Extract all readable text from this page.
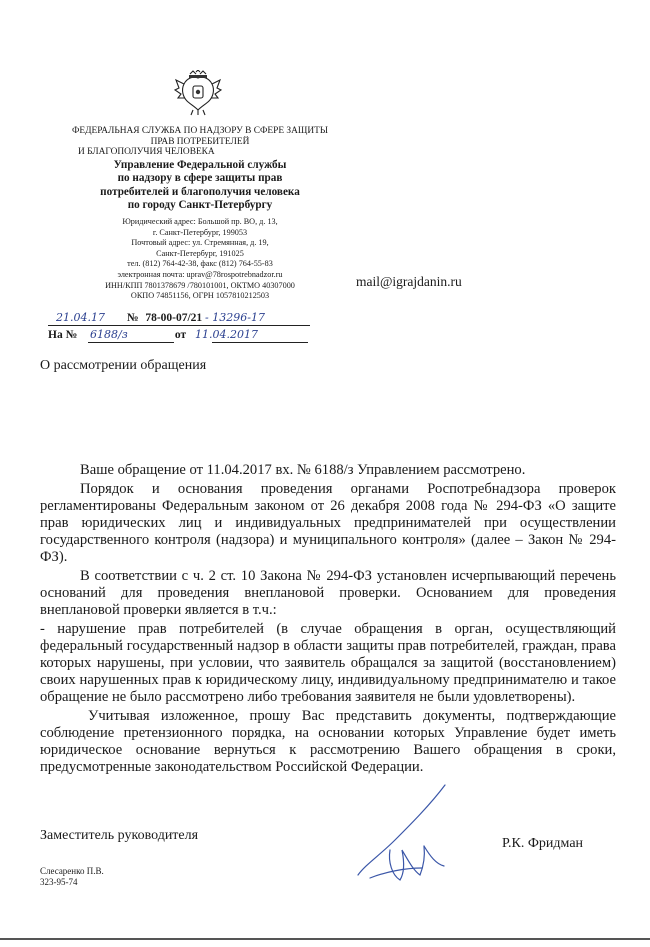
ФЕДЕРАЛЬНАЯ СЛУЖБА ПО НАДЗОРУ В СФЕРЕ ЗАЩИТЫ
ПРАВ ПОТРЕБИТЕЛЕЙ
И БЛАГОПОЛУЧИЯ ЧЕЛОВЕКА
Управление Федеральной службы
по надзору в сфере защиты прав
потребителей и благополучия человека
по городу Санкт-Петербургу
Юридический адрес: Большой пр. ВО, д. 13,
г. Санкт-Петербург, 199053
Почтовый адрес: ул. Стремянная, д. 19,
Санкт-Петербург, 191025
тел. (812) 764-42-38, факс (812) 764-55-83
электронная почта: uprav@78rospotrebnadzor.ru
ИНН/КПП 7801378679 /780101001, ОКТМО 40307000
ОКПО 74851156, ОГРН 1057810212503
mail@igrajdanin.ru
21.04.17 № 78-00-07/21 - 13296-17
На № 6188/з	от 11.04.2017
О рассмотрении обращения

Ваше обращение от 11.04.2017 вх. № 6188/з Управлением рассмотрено.

Порядок и основания проведения органами Роспотребнадзора проверок регламентированы Федеральным законом от 26 декабря 2008 года № 294-ФЗ «О защите прав юридических лиц и индивидуальных предпринимателей при осуществлении государственного контроля (надзора) и муниципального контроля» (далее – Закон № 294-ФЗ).

В соответствии с ч. 2 ст. 10 Закона № 294-ФЗ установлен исчерпывающий перечень оснований для проведения внеплановой проверки. Основанием для проведения внеплановой проверки является в т.ч.:

- нарушение прав потребителей (в случае обращения в орган, осуществляющий федеральный государственный надзор в области защиты прав потребителей, граждан, права которых нарушены, при условии, что заявитель обращался за защитой (восстановлением) своих нарушенных прав к юридическому лицу, индивидуальному предпринимателю и такое обращение не было рассмотрено либо требования заявителя не были удовлетворены).

Учитывая изложенное, прошу Вас представить документы, подтверждающие соблюдение претензионного порядка, на основании которых Управление будет иметь юридическое основание вернуться к рассмотрению Вашего обращения в сроки, предусмотренные законодательством Российской Федерации.

Заместитель руководителя
Р.К. Фридман
Слесаренко П.В.
323-95-74
